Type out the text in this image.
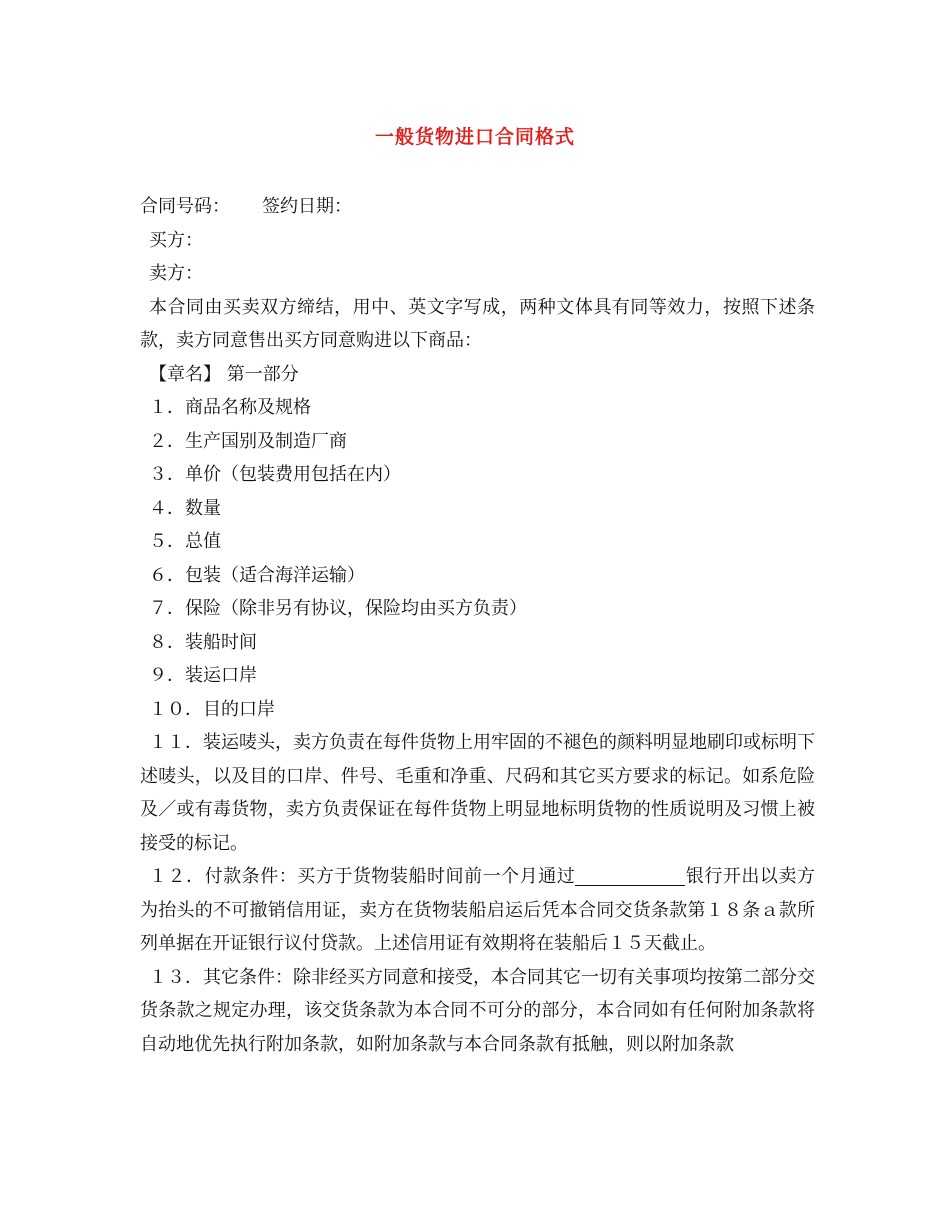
一般货物进口合同格式

合同号码： 签约日期：

买方：

卖方：

本合同由买卖双方缔结，用中、英文字写成，两种文体具有同等效力，按照下述条款，卖方同意售出买方同意购进以下商品：

【章名】 第一部分

１．商品名称及规格

２．生产国别及制造厂商

３．单价（包装费用包括在内）

４．数量

５．总值

６．包装（适合海洋运输）

７．保险（除非另有协议，保险均由买方负责）

８．装船时间

９．装运口岸

１０．目的口岸

１１．装运唛头，卖方负责在每件货物上用牢固的不褪色的颜料明显地刷印或标明下述唛头，以及目的口岸、件号、毛重和净重、尺码和其它买方要求的标记。如系危险及／或有毒货物，卖方负责保证在每件货物上明显地标明货物的性质说明及习惯上被接受的标记。

１２．付款条件：买方于货物装船时间前一个月通过	银行开出以卖方为抬头的不可撤销信用证，卖方在货物装船启运后凭本合同交货条款第１８条ａ款所列单据在开证银行议付贷款。上述信用证有效期将在装船后１５天截止。

１３．其它条件：除非经买方同意和接受，本合同其它一切有关事项均按第二部分交货条款之规定办理，该交货条款为本合同不可分的部分，本合同如有任何附加条款将自动地优先执行附加条款，如附加条款与本合同条款有抵触，则以附加条款
